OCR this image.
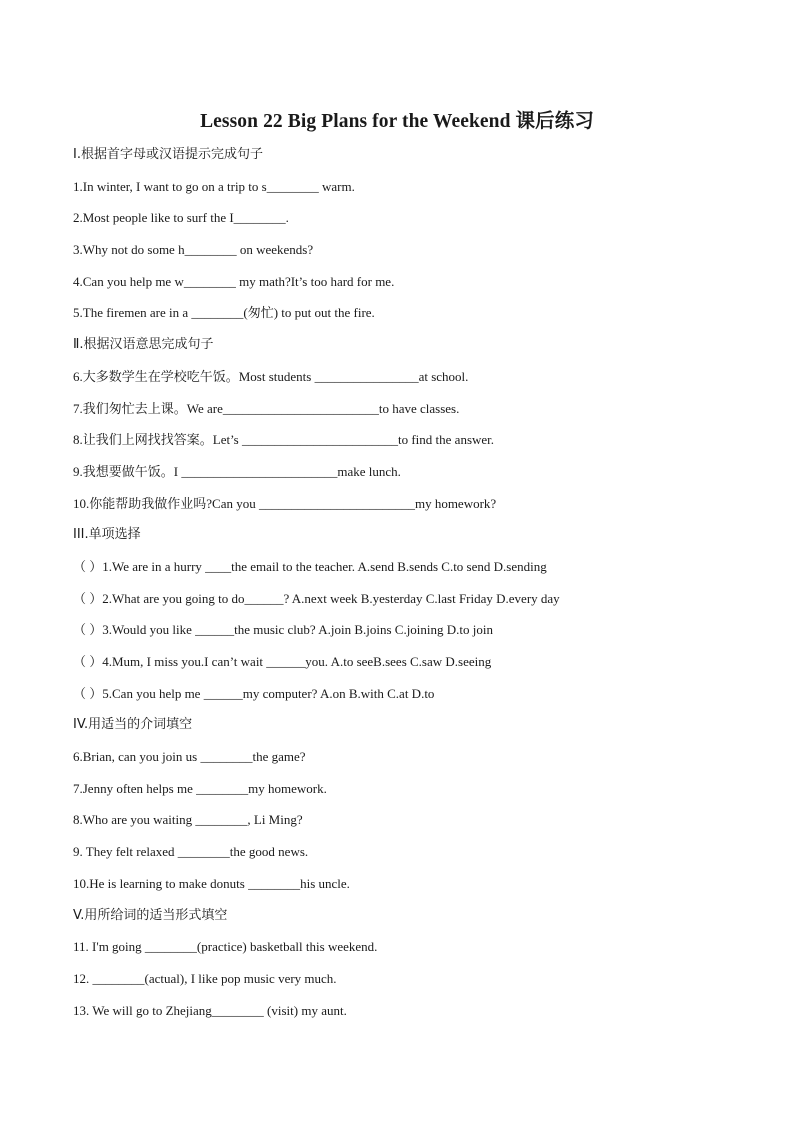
Lesson 22 Big Plans for the Weekend 课后练习
Ⅰ.根据首字母或汉语提示完成句子
1.In winter, I want to go on a trip to s________ warm.
2.Most people like to surf the I________.
3.Why not do some h________ on weekends?
4.Can you help me w________ my math?It’s too hard for me.
5.The firemen are in a ________(匆忙) to put out the fire.
Ⅱ.根据汉语意思完成句子
6.大多数学生在学校吃午饭。Most students ________________at school.
7.我们匆忙去上课。We are________________________to have classes.
8.让我们上网找找答案。Let’s ________________________to find the answer.
9.我想要做午饭。I ________________________make lunch.
10.你能帮助我做作业吗?Can you ________________________my homework?
III.单项选择
（ ）1.We are in a hurry ____the email to the teacher. A.send B.sends C.to send D.sending
（ ）2.What are you going to do______? A.next week B.yesterday C.last Friday D.every day
（ ）3.Would you like ______the music club? A.join B.joins C.joining D.to join
（ ）4.Mum, I miss you.I can’t wait ______you. A.to seeB.sees C.saw D.seeing
（ ）5.Can you help me ______my computer? A.on B.with C.at D.to
IV.用适当的介词填空
6.Brian, can you join us ________the game?
7.Jenny often helps me ________my homework.
8.Who are you waiting ________, Li Ming?
9. They felt relaxed ________the good news.
10.He is learning to make donuts ________his uncle.
V.用所给词的适当形式填空
11. I'm going ________(practice) basketball this weekend.
12. ________(actual), I like pop music very much.
13. We will go to Zhejiang________ (visit) my aunt.
